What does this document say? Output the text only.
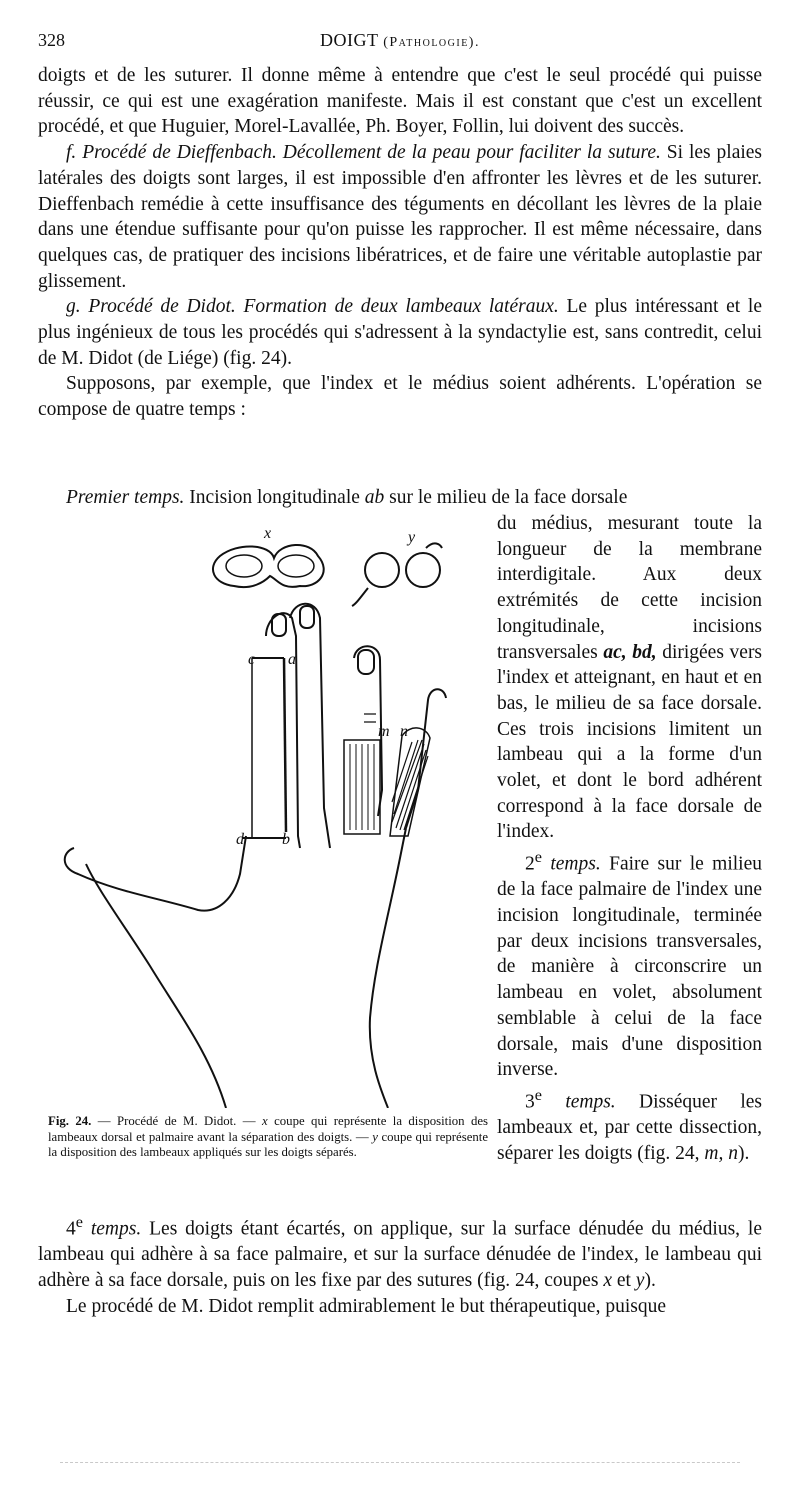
328	DOIGT (Pathologie).

doigts et de les suturer. Il donne même à entendre que c'est le seul procédé qui puisse réussir, ce qui est une exagération manifeste. Mais il est constant que c'est un excellent procédé, et que Huguier, Morel-Lavallée, Ph. Boyer, Follin, lui doivent des succès.

f. Procédé de Dieffenbach. Décollement de la peau pour faciliter la suture. Si les plaies latérales des doigts sont larges, il est impossible d'en affronter les lèvres et de les suturer. Dieffenbach remédie à cette insuffisance des téguments en décollant les lèvres de la plaie dans une étendue suffisante pour qu'on puisse les rapprocher. Il est même nécessaire, dans quelques cas, de pratiquer des incisions libératrices, et de faire une véritable autoplastie par glissement.

g. Procédé de Didot. Formation de deux lambeaux latéraux. Le plus intéressant et le plus ingénieux de tous les procédés qui s'adressent à la syndactylie est, sans contredit, celui de M. Didot (de Liége) (fig. 24).

Supposons, par exemple, que l'index et le médius soient adhérents. L'opération se compose de quatre temps :

Premier temps. Incision longitudinale ab sur le milieu de la face dorsale
x	y
c a
d b
m n
Fig. 24. — Procédé de M. Didot. — x coupe qui représente la disposition des lambeaux dorsal et palmaire avant la séparation des doigts. — y coupe qui représente la disposition des lambeaux appliqués sur les doigts séparés.

du médius, mesurant toute la longueur de la membrane interdigitale. Aux deux extrémités de cette incision longitudinale, incisions transversales ac, bd, dirigées vers l'index et atteignant, en haut et en bas, le milieu de sa face dorsale. Ces trois incisions limitent un lambeau qui a la forme d'un volet, et dont le bord adhérent correspond à la face dorsale de l'index.

2e temps. Faire sur le milieu de la face palmaire de l'index une incision longitudinale, terminée par deux incisions transversales, de manière à circonscrire un lambeau en volet, absolument semblable à celui de la face dorsale, mais d'une disposition inverse.

3e temps. Disséquer les lambeaux et, par cette dissection, séparer les doigts (fig. 24, m, n).

4e temps. Les doigts étant écartés, on applique, sur la surface dénudée du médius, le lambeau qui adhère à sa face palmaire, et sur la surface dénudée de l'index, le lambeau qui adhère à sa face dorsale, puis on les fixe par des sutures (fig. 24, coupes x et y).

Le procédé de M. Didot remplit admirablement le but thérapeutique, puisque
